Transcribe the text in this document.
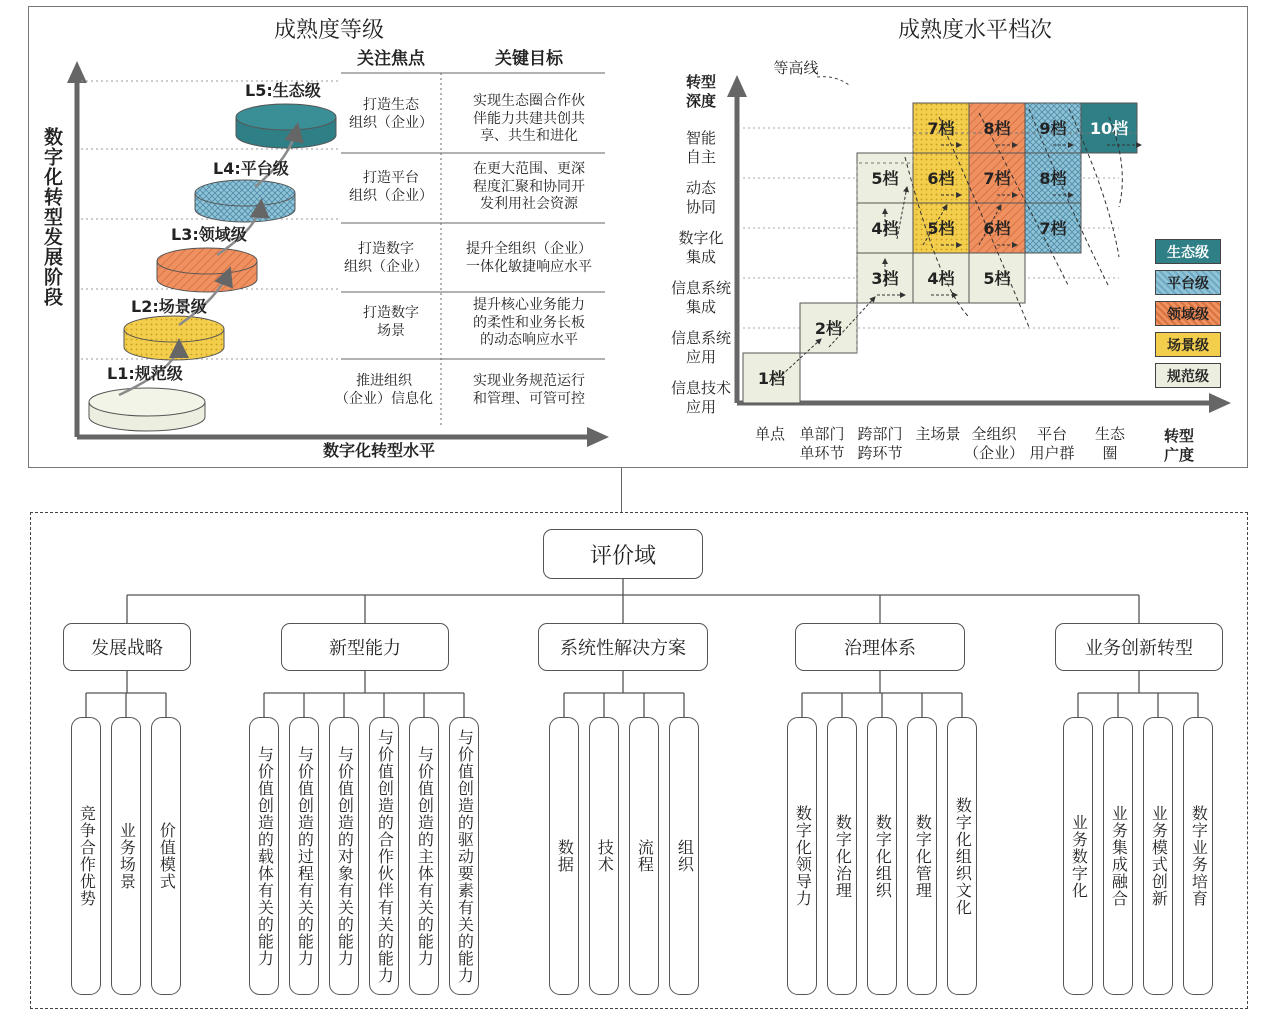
成熟度等级	成熟度水平档次
数字化转型发展阶段
数字化转型水平
L5:生态级
L4:平台级
L3:领域级
L2:场景级
L1:规范级
关注焦点	关键目标
打造生态
组织（企业）
实现生态圈合作伙
伴能力共建共创共
享、共生和进化
打造平台
组织（企业）
在更大范围、更深
程度汇聚和协同开
发利用社会资源
打造数字
组织（企业）
提升全组织（企业）
一体化敏捷响应水平
打造数字
场景
提升核心业务能力
的柔性和业务长板
的动态响应水平
推进组织
（企业）信息化
实现业务规范运行
和管理、可管可控
1档
2档
3档 4档 5档
4档 5档 6档 7档
5档 6档 7档 8档
7档 8档 9档 10档
转型
深度
转型
广度
等高线
智能
自主
动态
协同
数字化
集成
信息系统
集成
信息系统
应用
信息技术
应用
单点 单部门
单环节
跨部门
跨环节
主场景 全组织
（企业）
平台
用户群
生态
圈
生态级
平台级
领域级
场景级
规范级
评价域
发展战略
竞争合作优势 业务场景 价值模式
新型能力
与价值创造的载体有关的能力 与价值创造的过程有关的能力 与价值创造的对象有关的能力 与价值创造的合作伙伴有关的能力 与价值创造的主体有关的能力 与价值创造的驱动要素有关的能力
系统性解决方案
数据 技术 流程 组织
治理体系
数字化领导力 数字化治理 数字化组织 数字化管理 数字化组织文化
业务创新转型
业务数字化 业务集成融合 业务模式创新 数字业务培育
